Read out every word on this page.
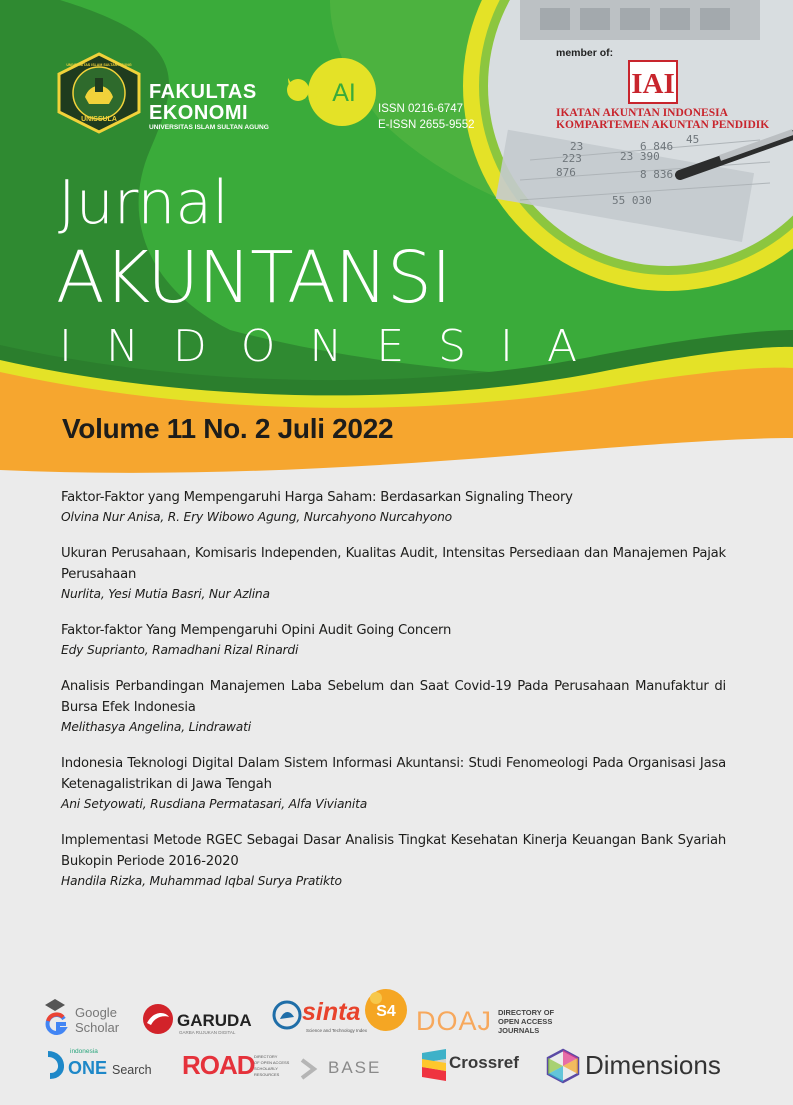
6 846
23 390
8 836
55 030
45
23
223
876
UNISSULA
UNIVERSITAS ISLAM SULTAN AGUNG
FAKULTAS
EKONOMI
UNIVERSITAS ISLAM SULTAN AGUNG
AI
ISSN 0216-6747
E-ISSN 2655-9552
member of:
IAI
IKATAN AKUNTAN INDONESIA
KOMPARTEMEN AKUNTAN PENDIDIK
Jurnal
AKUNTANSI
INDONESIA
Volume 11 No. 2 Juli 2022
Faktor-Faktor yang Mempengaruhi Harga Saham: Berdasarkan Signaling Theory
Olvina Nur Anisa, R. Ery Wibowo Agung, Nurcahyono Nurcahyono
Ukuran Perusahaan, Komisaris Independen, Kualitas Audit, Intensitas Persediaan dan Manajemen Pajak Perusahaan
Nurlita, Yesi Mutia Basri, Nur Azlina
Faktor-faktor Yang Mempengaruhi Opini Audit Going Concern
Edy Suprianto, Ramadhani Rizal Rinardi
Analisis Perbandingan Manajemen Laba Sebelum dan Saat Covid-19 Pada Perusahaan Manufaktur di Bursa Efek Indonesia
Melithasya Angelina, Lindrawati
Indonesia Teknologi Digital Dalam Sistem Informasi Akuntansi: Studi Fenomeologi Pada Organisasi Jasa Ketenagalistrikan di Jawa Tengah
Ani Setyowati, Rusdiana Permatasari, Alfa Vivianita
Implementasi Metode RGEC Sebagai Dasar Analisis Tingkat Kesehatan Kinerja Keuangan Bank Syariah Bukopin Periode 2016-2020
Handila Rizka, Muhammad Iqbal Surya Pratikto
Google
Scholar	GARUDA
GARBA RUJUKAN DIGITAL
sinta
Science and Technology Index
S4 DOAJ DIRECTORY OF
OPEN ACCESS
JOURNALS
indonesia
ONE Search ROAD DIRECTORY
OF OPEN ACCESS
SCHOLARLY
RESOURCES	BASE	Crossref	Dimensions
